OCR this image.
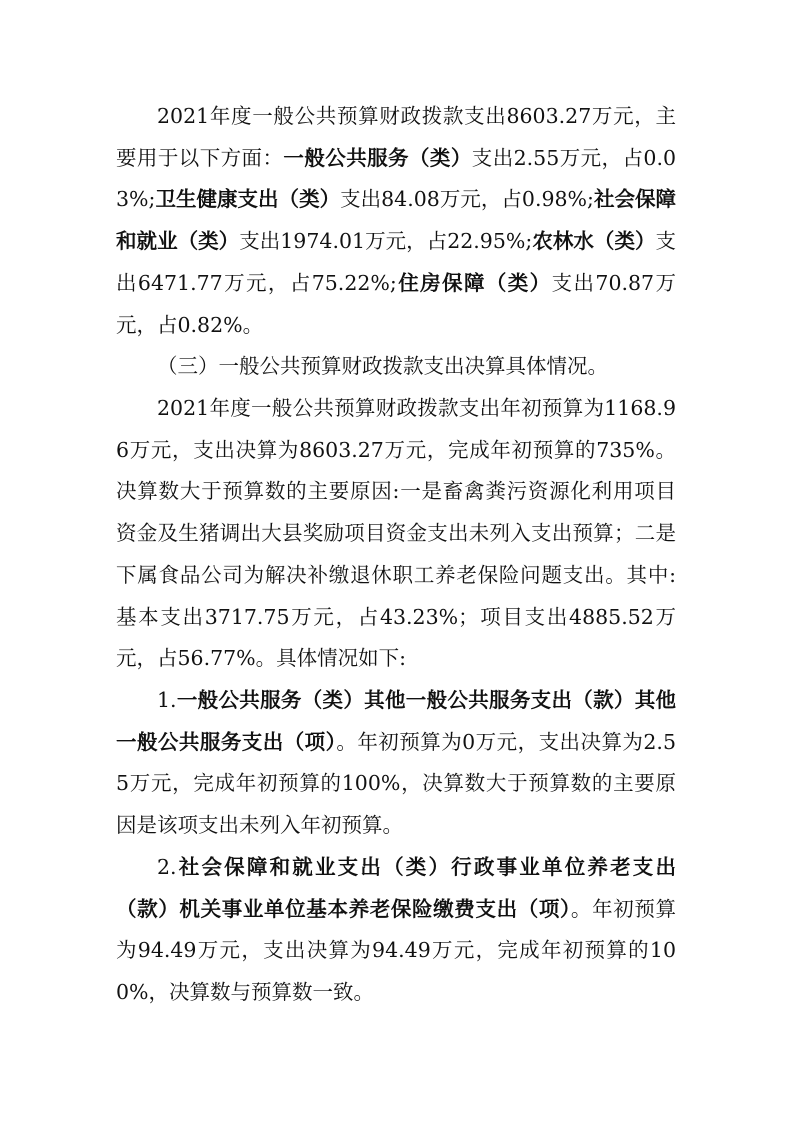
2021年度一般公共预算财政拨款支出8603.27万元，主要用于以下方面：一般公共服务（类）支出2.55万元，占0.03%;卫生健康支出（类）支出84.08万元，占0.98%;社会保障和就业（类）支出1974.01万元，占22.95%;农林水（类）支出6471.77万元，占75.22%;住房保障（类）支出70.87万元，占0.82%。

（三）一般公共预算财政拨款支出决算具体情况。

2021年度一般公共预算财政拨款支出年初预算为1168.96万元，支出决算为8603.27万元，完成年初预算的735%。决算数大于预算数的主要原因:一是畜禽粪污资源化利用项目资金及生猪调出大县奖励项目资金支出未列入支出预算；二是下属食品公司为解决补缴退休职工养老保险问题支出。其中:基本支出3717.75万元，占43.23%；项目支出4885.52万元，占56.77%。具体情况如下:

1.一般公共服务（类）其他一般公共服务支出（款）其他一般公共服务支出（项）。年初预算为0万元，支出决算为2.55万元，完成年初预算的100%，决算数大于预算数的主要原因是该项支出未列入年初预算。

2.社会保障和就业支出（类）行政事业单位养老支出（款）机关事业单位基本养老保险缴费支出（项）。年初预算为94.49万元，支出决算为94.49万元，完成年初预算的100%，决算数与预算数一致。
